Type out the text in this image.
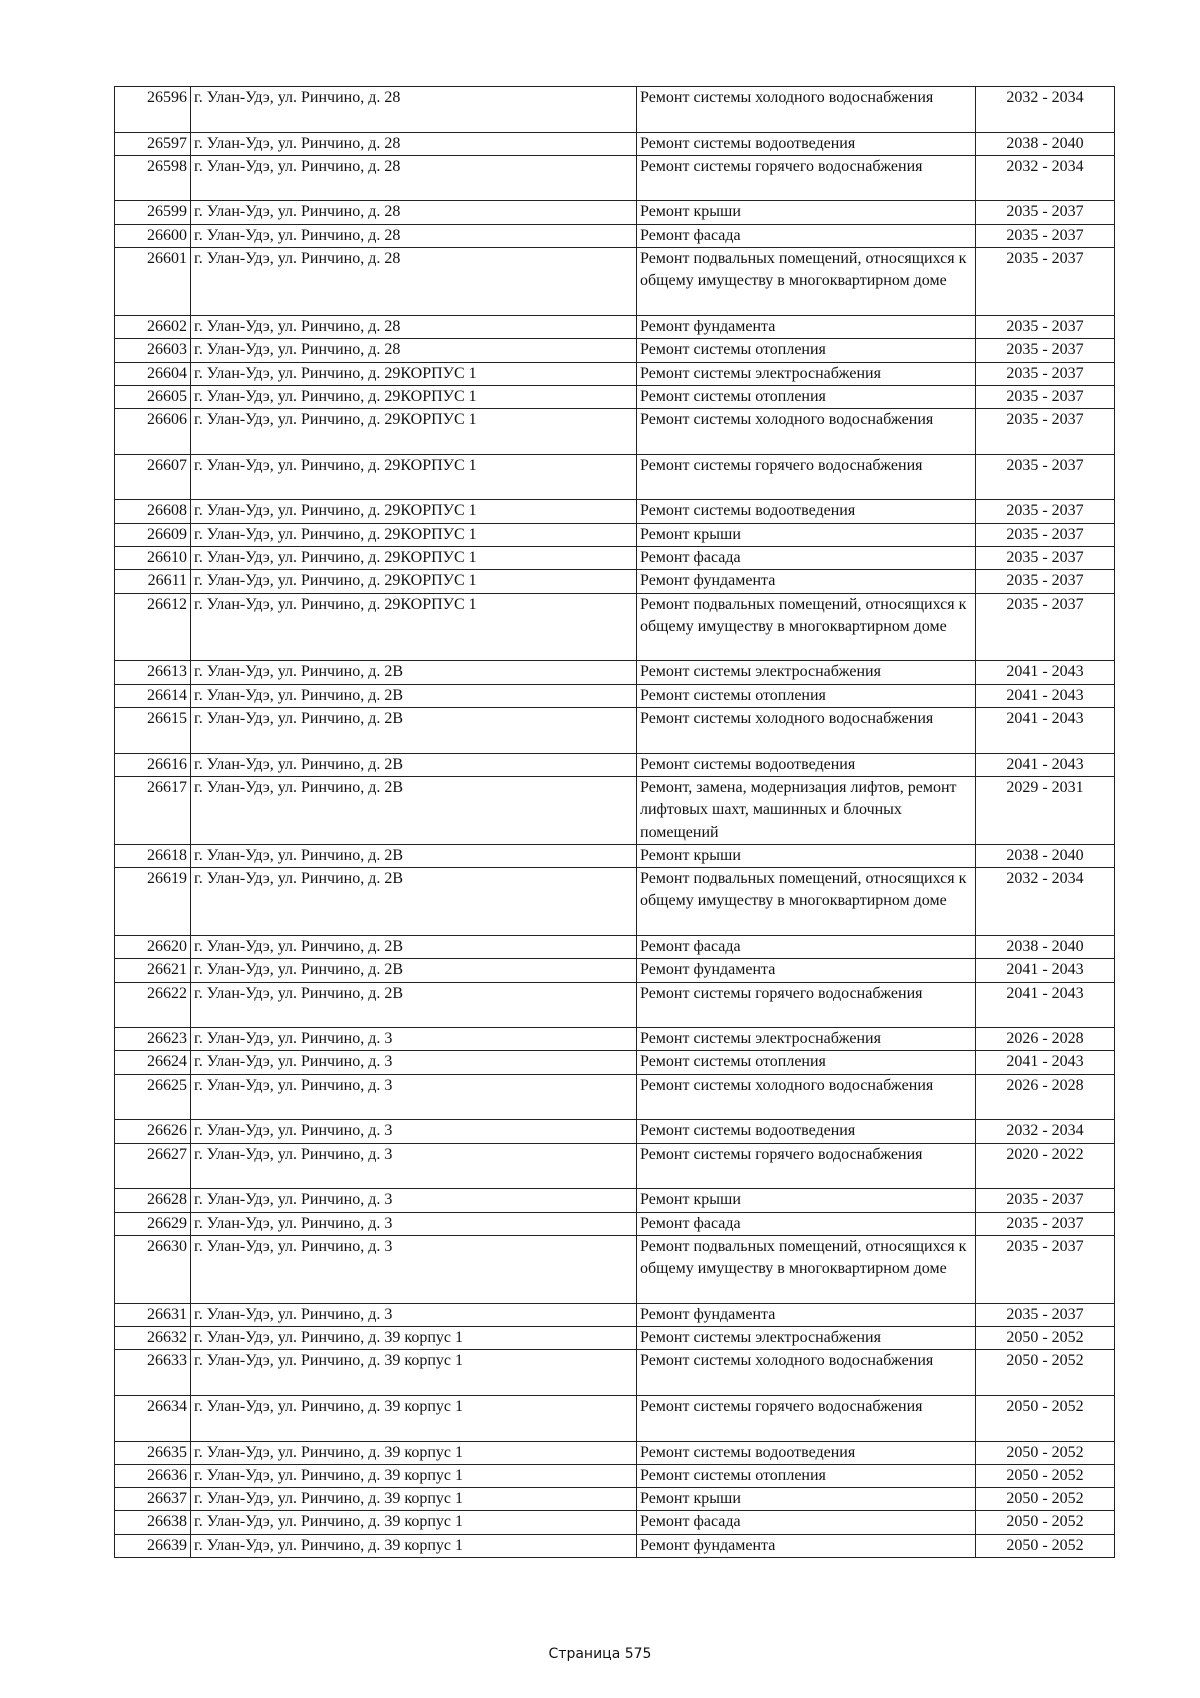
26596	г. Улан-Удэ, ул. Ринчино, д. 28	Ремонт системы холодного водоснабжения	2032 - 2034
26597	г. Улан-Удэ, ул. Ринчино, д. 28	Ремонт системы водоотведения	2038 - 2040
26598	г. Улан-Удэ, ул. Ринчино, д. 28	Ремонт системы горячего водоснабжения	2032 - 2034
26599	г. Улан-Удэ, ул. Ринчино, д. 28	Ремонт крыши	2035 - 2037
26600	г. Улан-Удэ, ул. Ринчино, д. 28	Ремонт фасада	2035 - 2037
26601	г. Улан-Удэ, ул. Ринчино, д. 28	Ремонт подвальных помещений, относящихся к общему имуществу в многоквартирном доме	2035 - 2037
26602	г. Улан-Удэ, ул. Ринчино, д. 28	Ремонт фундамента	2035 - 2037
26603	г. Улан-Удэ, ул. Ринчино, д. 28	Ремонт системы отопления	2035 - 2037
26604	г. Улан-Удэ, ул. Ринчино, д. 29КОРПУС 1	Ремонт системы электроснабжения	2035 - 2037
26605	г. Улан-Удэ, ул. Ринчино, д. 29КОРПУС 1	Ремонт системы отопления	2035 - 2037
26606	г. Улан-Удэ, ул. Ринчино, д. 29КОРПУС 1	Ремонт системы холодного водоснабжения	2035 - 2037
26607	г. Улан-Удэ, ул. Ринчино, д. 29КОРПУС 1	Ремонт системы горячего водоснабжения	2035 - 2037
26608	г. Улан-Удэ, ул. Ринчино, д. 29КОРПУС 1	Ремонт системы водоотведения	2035 - 2037
26609	г. Улан-Удэ, ул. Ринчино, д. 29КОРПУС 1	Ремонт крыши	2035 - 2037
26610	г. Улан-Удэ, ул. Ринчино, д. 29КОРПУС 1	Ремонт фасада	2035 - 2037
26611	г. Улан-Удэ, ул. Ринчино, д. 29КОРПУС 1	Ремонт фундамента	2035 - 2037
26612	г. Улан-Удэ, ул. Ринчино, д. 29КОРПУС 1	Ремонт подвальных помещений, относящихся к общему имуществу в многоквартирном доме	2035 - 2037
26613	г. Улан-Удэ, ул. Ринчино, д. 2В	Ремонт системы электроснабжения	2041 - 2043
26614	г. Улан-Удэ, ул. Ринчино, д. 2В	Ремонт системы отопления	2041 - 2043
26615	г. Улан-Удэ, ул. Ринчино, д. 2В	Ремонт системы холодного водоснабжения	2041 - 2043
26616	г. Улан-Удэ, ул. Ринчино, д. 2В	Ремонт системы водоотведения	2041 - 2043
26617	г. Улан-Удэ, ул. Ринчино, д. 2В	Ремонт, замена, модернизация лифтов, ремонт лифтовых шахт, машинных и блочных помещений	2029 - 2031
26618	г. Улан-Удэ, ул. Ринчино, д. 2В	Ремонт крыши	2038 - 2040
26619	г. Улан-Удэ, ул. Ринчино, д. 2В	Ремонт подвальных помещений, относящихся к общему имуществу в многоквартирном доме	2032 - 2034
26620	г. Улан-Удэ, ул. Ринчино, д. 2В	Ремонт фасада	2038 - 2040
26621	г. Улан-Удэ, ул. Ринчино, д. 2В	Ремонт фундамента	2041 - 2043
26622	г. Улан-Удэ, ул. Ринчино, д. 2В	Ремонт системы горячего водоснабжения	2041 - 2043
26623	г. Улан-Удэ, ул. Ринчино, д. 3	Ремонт системы электроснабжения	2026 - 2028
26624	г. Улан-Удэ, ул. Ринчино, д. 3	Ремонт системы отопления	2041 - 2043
26625	г. Улан-Удэ, ул. Ринчино, д. 3	Ремонт системы холодного водоснабжения	2026 - 2028
26626	г. Улан-Удэ, ул. Ринчино, д. 3	Ремонт системы водоотведения	2032 - 2034
26627	г. Улан-Удэ, ул. Ринчино, д. 3	Ремонт системы горячего водоснабжения	2020 - 2022
26628	г. Улан-Удэ, ул. Ринчино, д. 3	Ремонт крыши	2035 - 2037
26629	г. Улан-Удэ, ул. Ринчино, д. 3	Ремонт фасада	2035 - 2037
26630	г. Улан-Удэ, ул. Ринчино, д. 3	Ремонт подвальных помещений, относящихся к общему имуществу в многоквартирном доме	2035 - 2037
26631	г. Улан-Удэ, ул. Ринчино, д. 3	Ремонт фундамента	2035 - 2037
26632	г. Улан-Удэ, ул. Ринчино, д. 39 корпус 1	Ремонт системы электроснабжения	2050 - 2052
26633	г. Улан-Удэ, ул. Ринчино, д. 39 корпус 1	Ремонт системы холодного водоснабжения	2050 - 2052
26634	г. Улан-Удэ, ул. Ринчино, д. 39 корпус 1	Ремонт системы горячего водоснабжения	2050 - 2052
26635	г. Улан-Удэ, ул. Ринчино, д. 39 корпус 1	Ремонт системы водоотведения	2050 - 2052
26636	г. Улан-Удэ, ул. Ринчино, д. 39 корпус 1	Ремонт системы отопления	2050 - 2052
26637	г. Улан-Удэ, ул. Ринчино, д. 39 корпус 1	Ремонт крыши	2050 - 2052
26638	г. Улан-Удэ, ул. Ринчино, д. 39 корпус 1	Ремонт фасада	2050 - 2052
26639	г. Улан-Удэ, ул. Ринчино, д. 39 корпус 1	Ремонт фундамента	2050 - 2052
Страница 575
